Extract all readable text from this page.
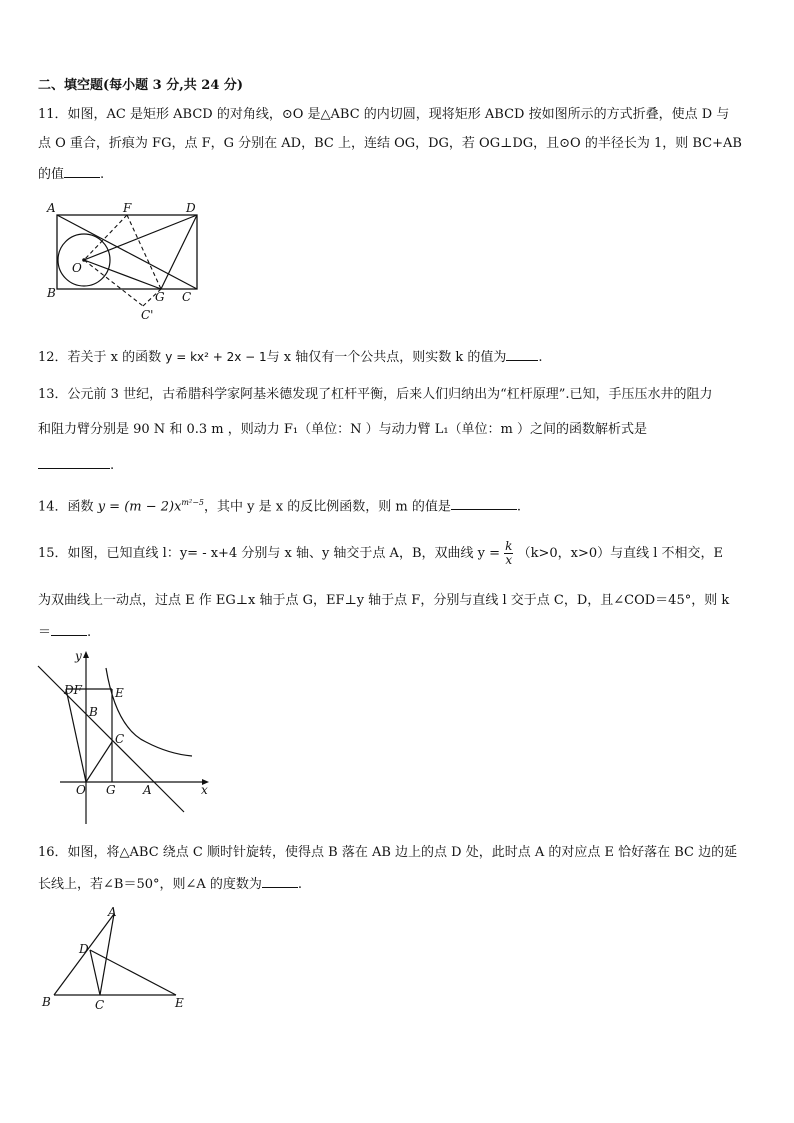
二、填空题(每小题 3 分,共 24 分)
11．如图，AC 是矩形 ABCD 的对角线，⊙O 是△ABC 的内切圆，现将矩形 ABCD 按如图所示的方式折叠，使点 D 与
点 O 重合，折痕为 FG，点 F，G 分别在 AD，BC 上，连结 OG，DG，若 OG⊥DG，且⊙O 的半径长为 1，则 BC+AB
的值	.
A	F	D
O
B	G C
C'
12．若关于 x 的函数 y = kx² + 2x − 1与 x 轴仅有一个公共点，则实数 k 的值为 .
13．公元前 3 世纪，古希腊科学家阿基米德发现了杠杆平衡，后来人们归纳出为“杠杆原理”.已知，手压压水井的阻力
和阻力臂分别是 90 N 和 0.3 m ，则动力 F₁（单位：N ）与动力臂 L₁（单位：m ）之间的函数解析式是
.
14．函数 $y = (m - 2)x^{m^2-5}$，其中 y 是 x 的反比例函数，则 m 的值是	.
15．如图，已知直线 l：y= - x+4 分别与 x 轴、y 轴交于点 A，B，双曲线 $y = \frac{k}{x} (k>0$，x>0）与直线 l 不相交，E
为双曲线上一动点，过点 E 作 EG⊥x 轴于点 G，EF⊥y 轴于点 F，分别与直线 l 交于点 C，D，且∠COD＝45°，则 k
＝	.
y
DF	E
B
C
O G A	x
16．如图，将△ABC 绕点 C 顺时针旋转，使得点 B 落在 AB 边上的点 D 处，此时点 A 的对应点 E 恰好落在 BC 边的延
长线上，若∠B＝50°，则∠A 的度数为	.
A
D
B	C	E
